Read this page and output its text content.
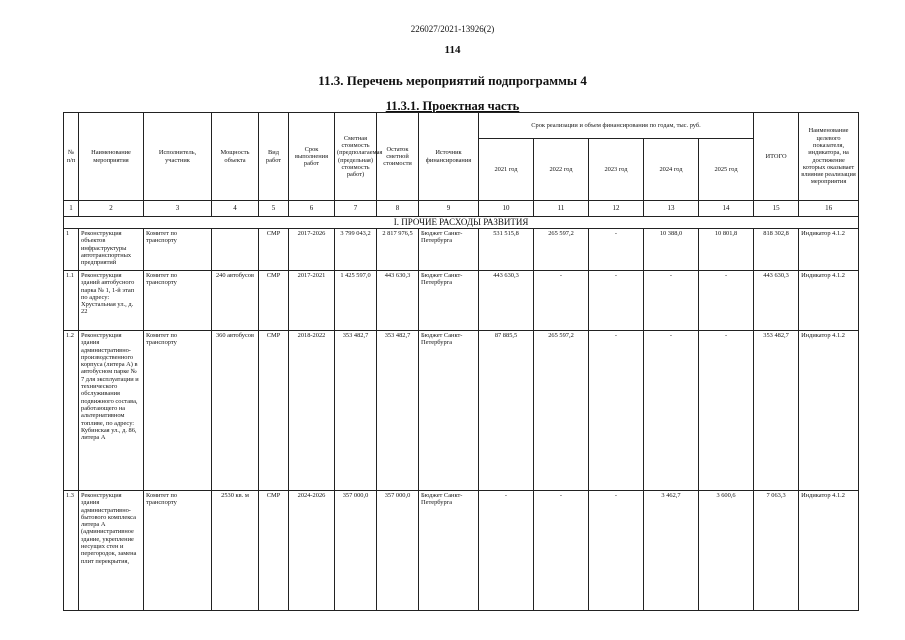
226027/2021-13926(2)
114
11.3. Перечень мероприятий подпрограммы 4
11.3.1. Проектная часть
№ п/п	Наименование мероприятия	Исполнитель, участник	Мощность объекта	Вид работ	Срок выполнения работ	Сметная стоимость (предполагаемая (предельная) стоимость работ)	Остаток сметной стоимости	Источник финансирования	Срок реализации и объем финансирования по годам, тыс. руб.					ИТОГО	Наименование целевого показателя, индикатора, на достижение которых оказывает влияние реализация мероприятия
									2021 год	2022 год	2023 год	2024 год	2025 год		
1	2	3	4	5	6	7	8	9	10	11	12	13	14	15	16
I. ПРОЧИЕ РАСХОДЫ РАЗВИТИЯ															
1	Реконструкция объектов инфраструктуры автотранспортных предприятий	Комитет по транспорту		СМР	2017-2026	3 799 043,2	2 817 976,5	Бюджет Санкт-Петербурга	531 515,8	265 597,2	-	10 388,0	10 801,8	818 302,8	Индикатор 4.1.2
1.1	Реконструкция зданий автобусного парка № 1, 1-й этап по адресу: Хрустальная ул., д. 22	Комитет по транспорту	240 автобусов	СМР	2017-2021	1 425 597,0	443 630,3	Бюджет Санкт-Петербурга	443 630,3	-	-	-	-	443 630,3	Индикатор 4.1.2
1.2	Реконструкция здания административно-производственного корпуса (литера А) в автобусном парке № 7 для эксплуатации и технического обслуживания подвижного состава, работающего на альтернативном топливе, по адресу: Кубинская ул., д. 86, литера А	Комитет по транспорту	360 автобусов	СМР	2018-2022	353 482,7	353 482,7	Бюджет Санкт-Петербурга	87 885,5	265 597,2	-	-	-	353 482,7	Индикатор 4.1.2
1.3	Реконструкция здания административно-бытового комплекса литера А (административное здание, укрепление несущих стен и перегородок, замена плит перекрытия,	Комитет по транспорту	2530 кв. м	СМР	2024-2026	357 000,0	357 000,0	Бюджет Санкт-Петербурга	-	-	-	3 462,7	3 600,6	7 063,3	Индикатор 4.1.2
